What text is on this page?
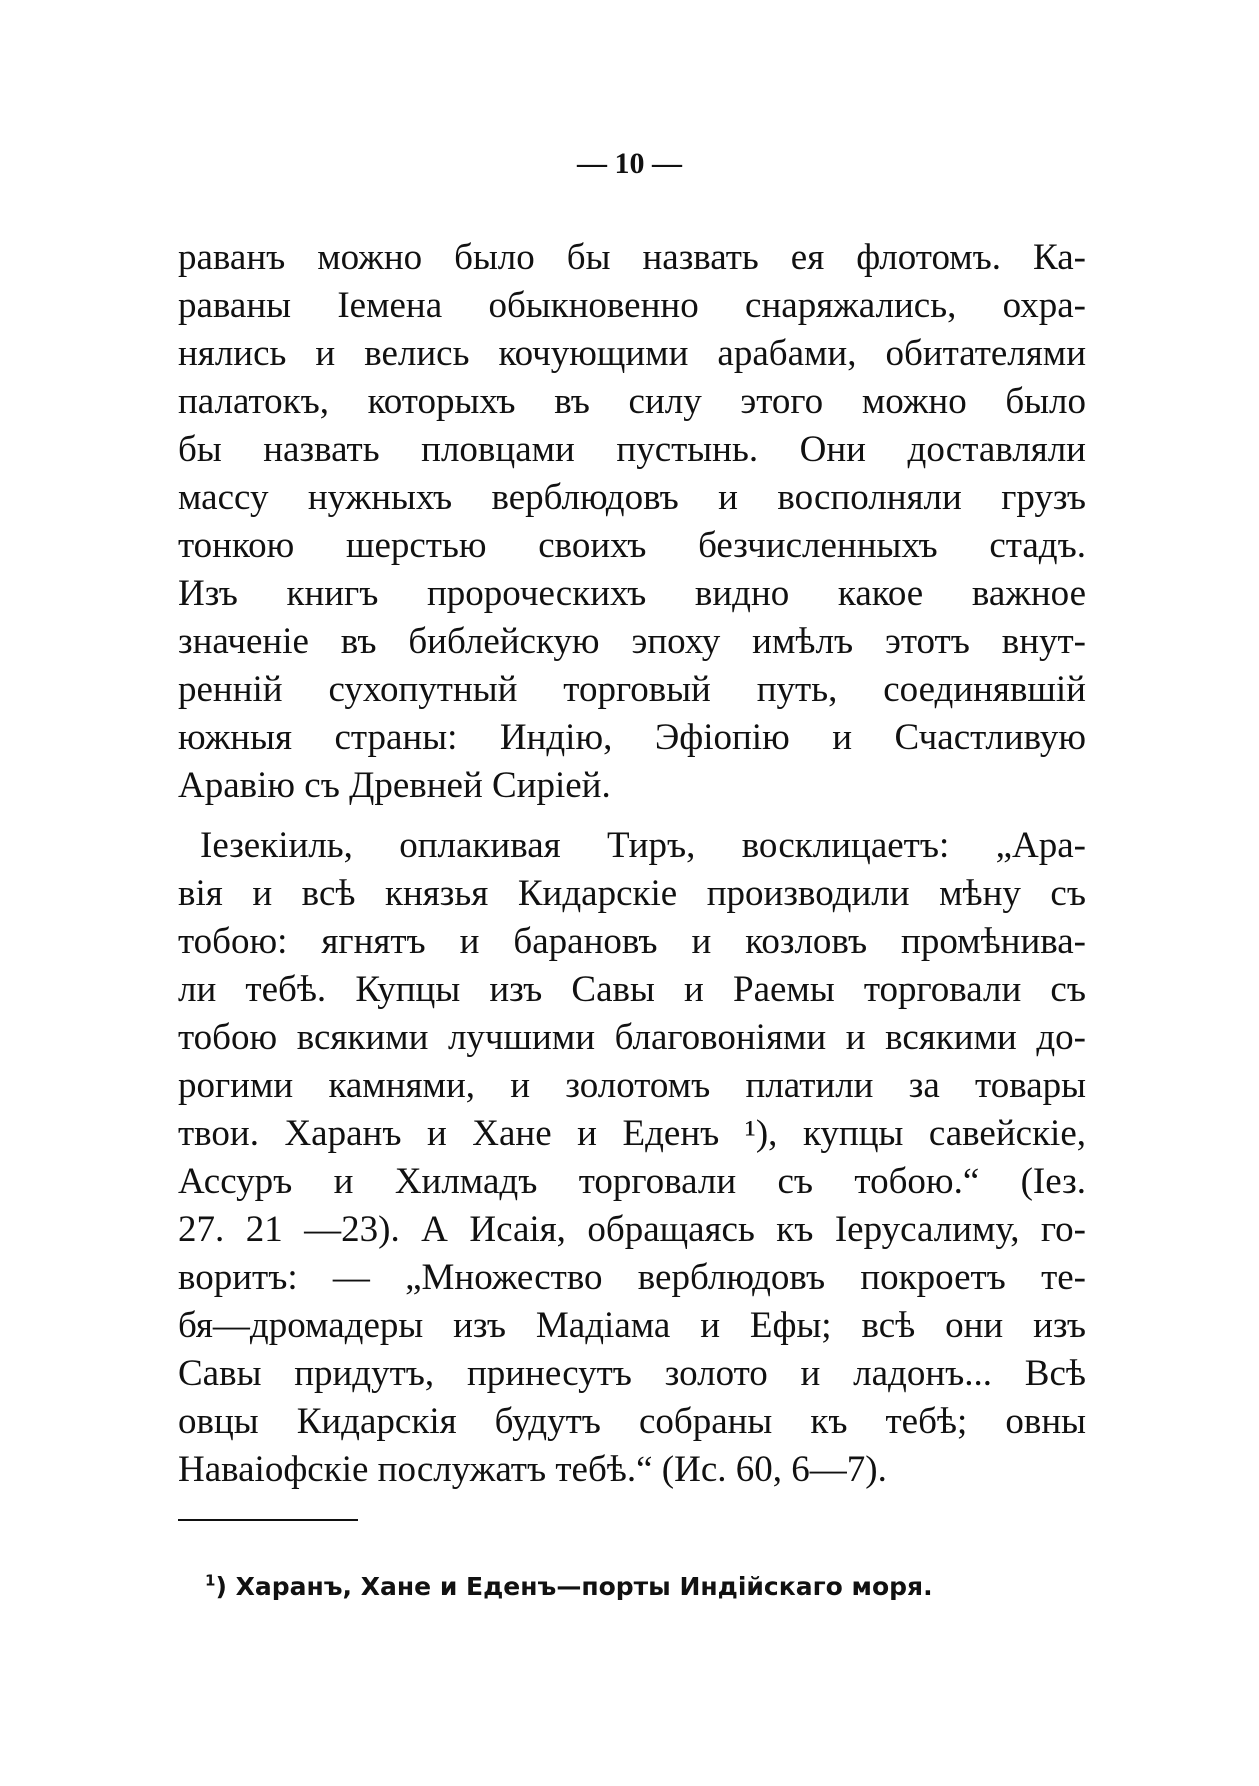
— 10 —
раванъ можно было бы назвать ея флотомъ. Ка-
раваны Іемена обыкновенно снаряжались, охра-
нялись и велись кочующими арабами, обитателями
палатокъ, которыхъ въ силу этого можно было
бы назвать пловцами пустынь. Они доставляли
массу нужныхъ верблюдовъ и восполняли грузъ
тонкою шерстью своихъ безчисленныхъ стадъ.
Изъ книгъ пророческихъ видно какое важное
значеніе въ библейскую эпоху имѣлъ этотъ внут-
ренній сухопутный торговый путь, соединявшій
южныя страны: Индію, Эфіопію и Счастливую
Аравію съ Древней Сиріей.
Іезекіиль, оплакивая Тиръ, восклицаетъ: „Ара-
вія и всѣ князья Кидарскіе производили мѣну съ
тобою: ягнятъ и барановъ и козловъ промѣнива-
ли тебѣ. Купцы изъ Савы и Раемы торговали съ
тобою всякими лучшими благовоніями и всякими до-
рогими камнями, и золотомъ платили за товары
твои. Харанъ и Хане и Еденъ ¹), купцы савейскіе,
Ассуръ и Хилмадъ торговали съ тобою.“ (Іез.
27. 21 —23). А Исаія, обращаясь къ Іерусалиму, го-
воритъ: — „Множество верблюдовъ покроетъ те-
бя—дромадеры изъ Мадіама и Ефы; всѣ они изъ
Савы придутъ, принесутъ золото и ладонъ... Всѣ
овцы Кидарскія будутъ собраны къ тебѣ; овны
Наваіофскіе послужатъ тебѣ.“ (Ис. 60, 6—7).
$^1$) Харанъ, Хане и Еденъ—порты Индійскаго моря.
